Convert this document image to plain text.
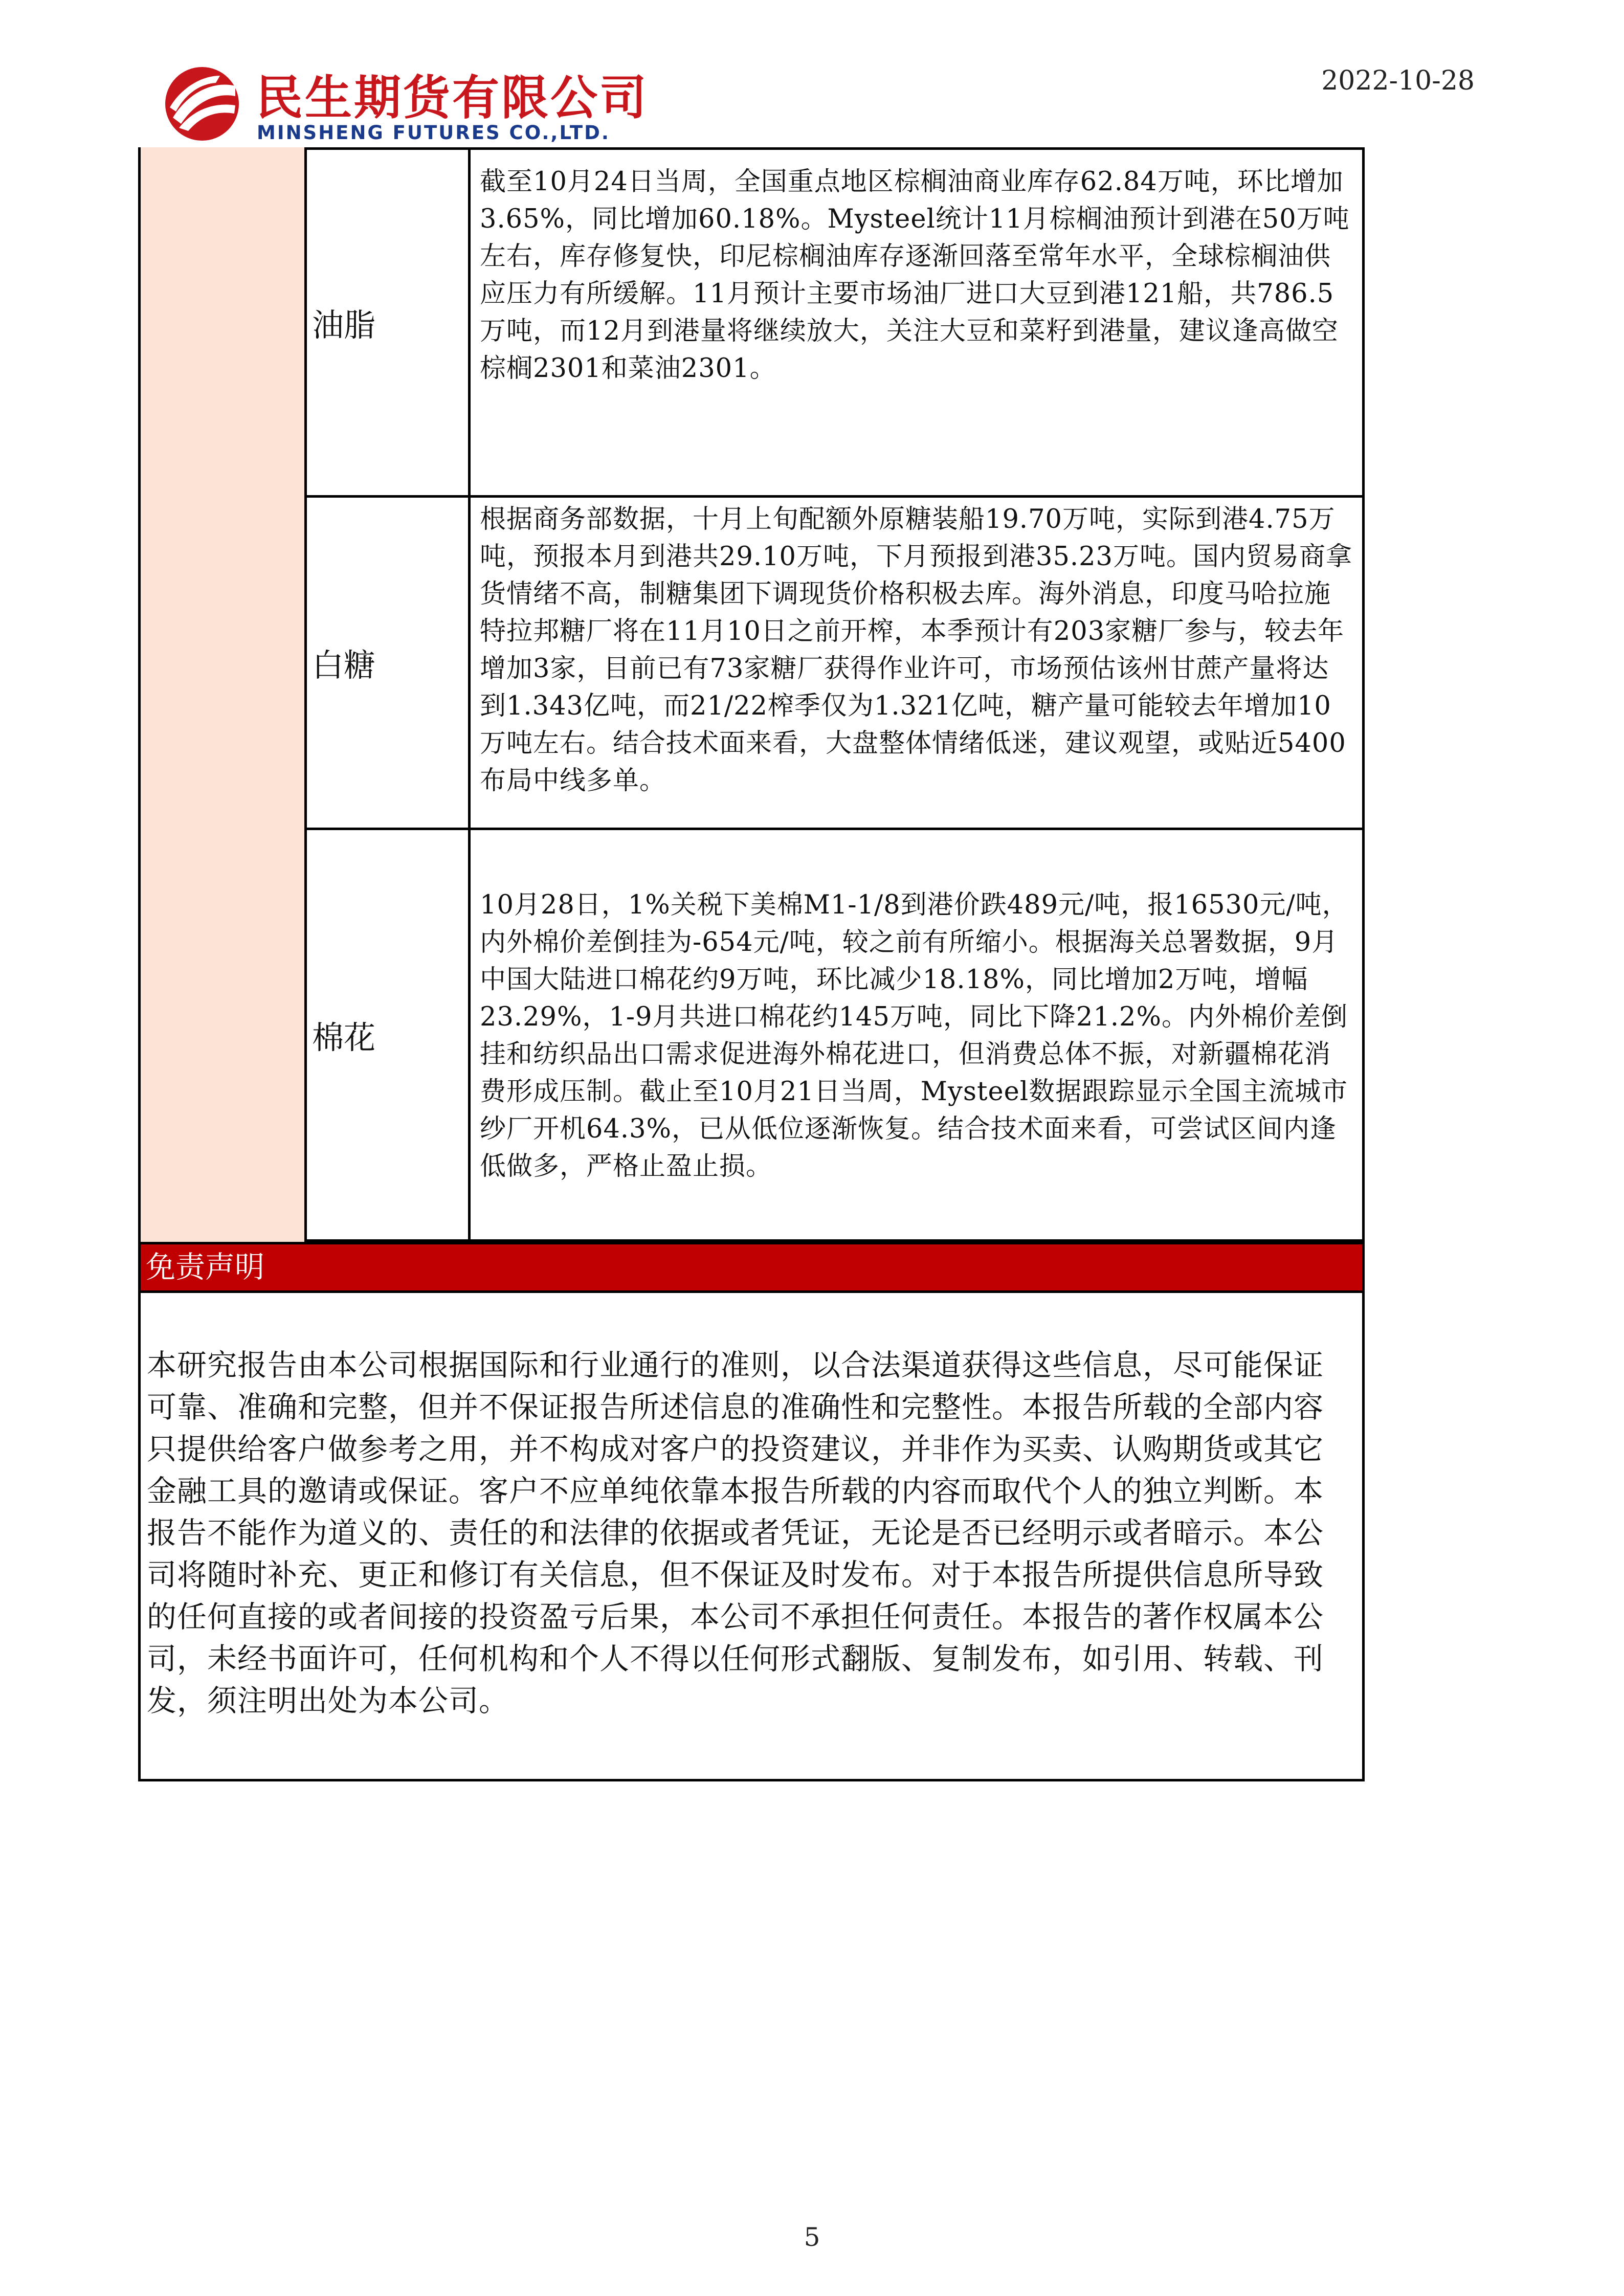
民生期货有限公司
MINSHENG FUTURES CO.,LTD.
2022-10-28
油脂
截至10月24日当周，全国重点地区棕榈油商业库存62.84万吨，环比增加3.65%，同比增加60.18%。Mysteel统计11月棕榈油预计到港在50万吨左右，库存修复快，印尼棕榈油库存逐渐回落至常年水平，全球棕榈油供应压力有所缓解。11月预计主要市场油厂进口大豆到港121船，共786.5万吨，而12月到港量将继续放大，关注大豆和菜籽到港量，建议逢高做空棕榈2301和菜油2301。
白糖
根据商务部数据，十月上旬配额外原糖装船19.70万吨，实际到港4.75万吨，预报本月到港共29.10万吨，下月预报到港35.23万吨。国内贸易商拿货情绪不高，制糖集团下调现货价格积极去库。海外消息，印度马哈拉施特拉邦糖厂将在11月10日之前开榨，本季预计有203家糖厂参与，较去年增加3家，目前已有73家糖厂获得作业许可，市场预估该州甘蔗产量将达到1.343亿吨，而21/22榨季仅为1.321亿吨，糖产量可能较去年增加10万吨左右。结合技术面来看，大盘整体情绪低迷，建议观望，或贴近5400布局中线多单。
棉花
10月28日，1%关税下美棉M1-1/8到港价跌489元/吨，报16530元/吨，内外棉价差倒挂为-654元/吨，较之前有所缩小。根据海关总署数据，9月中国大陆进口棉花约9万吨，环比减少18.18%，同比增加2万吨，增幅23.29%，1-9月共进口棉花约145万吨，同比下降21.2%。内外棉价差倒挂和纺织品出口需求促进海外棉花进口，但消费总体不振，对新疆棉花消费形成压制。截止至10月21日当周，Mysteel数据跟踪显示全国主流城市纱厂开机64.3%，已从低位逐渐恢复。结合技术面来看，可尝试区间内逢低做多，严格止盈止损。
免责声明
本研究报告由本公司根据国际和行业通行的准则，以合法渠道获得这些信息，尽可能保证可靠、准确和完整，但并不保证报告所述信息的准确性和完整性。本报告所载的全部内容只提供给客户做参考之用，并不构成对客户的投资建议，并非作为买卖、认购期货或其它金融工具的邀请或保证。客户不应单纯依靠本报告所载的内容而取代个人的独立判断。本报告不能作为道义的、责任的和法律的依据或者凭证，无论是否已经明示或者暗示。本公司将随时补充、更正和修订有关信息，但不保证及时发布。对于本报告所提供信息所导致的任何直接的或者间接的投资盈亏后果，本公司不承担任何责任。本报告的著作权属本公司，未经书面许可，任何机构和个人不得以任何形式翻版、复制发布，如引用、转载、刊发，须注明出处为本公司。
5
